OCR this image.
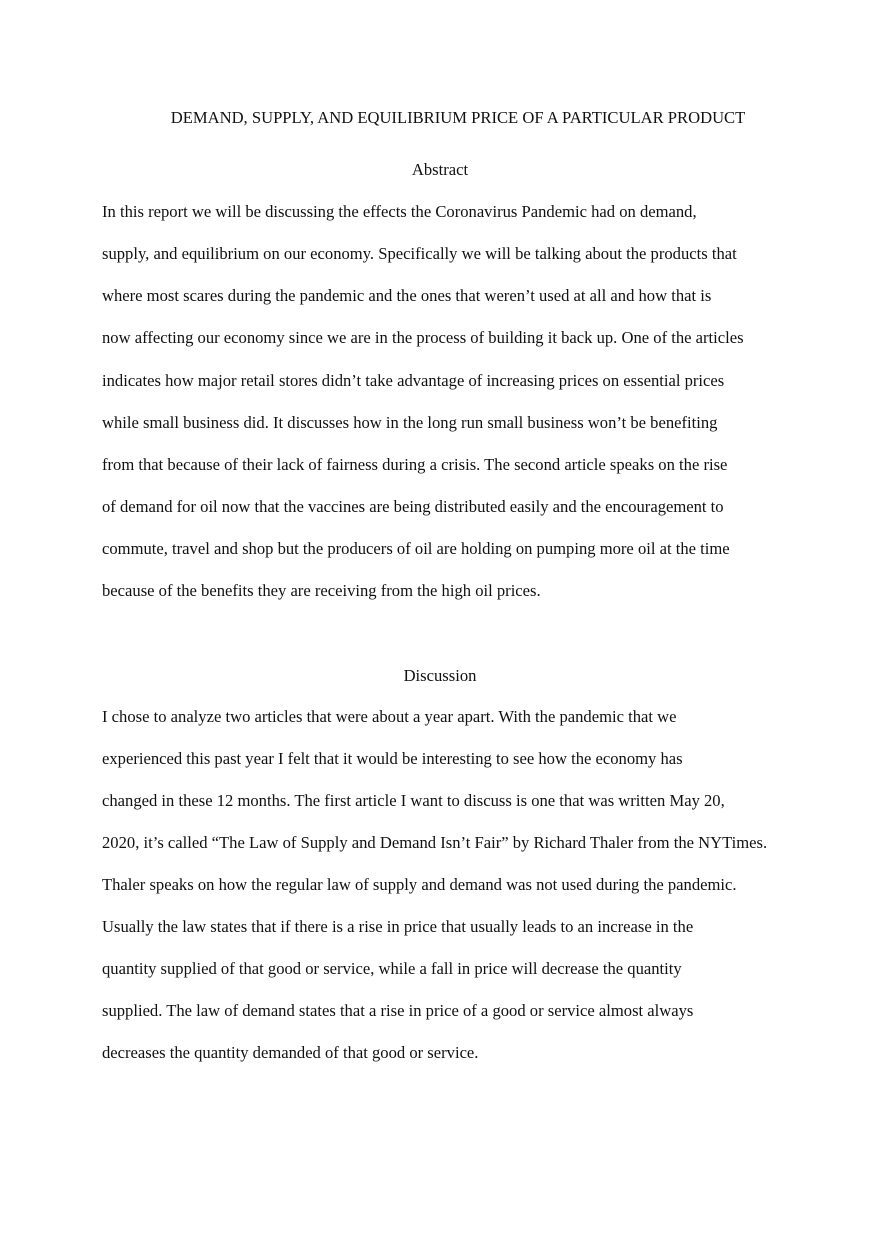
DEMAND, SUPPLY, AND EQUILIBRIUM PRICE OF A PARTICULAR PRODUCT
Abstract
In this report we will be discussing the effects the Coronavirus Pandemic had on demand,
supply, and equilibrium on our economy. Specifically we will be talking about the products that
where most scares during the pandemic and the ones that weren’t used at all and how that is
now affecting our economy since we are in the process of building it back up. One of the articles
indicates how major retail stores didn’t take advantage of increasing prices on essential prices
while small business did. It discusses how in the long run small business won’t be benefiting
from that because of their lack of fairness during a crisis. The second article speaks on the rise
of demand for oil now that the vaccines are being distributed easily and the encouragement to
commute, travel and shop but the producers of oil are holding on pumping more oil at the time
because of the benefits they are receiving from the high oil prices.
Discussion
I chose to analyze two articles that were about a year apart. With the pandemic that we
experienced this past year I felt that it would be interesting to see how the economy has
changed in these 12 months. The first article I want to discuss is one that was written May 20,
2020, it’s called “The Law of Supply and Demand Isn’t Fair” by Richard Thaler from the NYTimes.
Thaler speaks on how the regular law of supply and demand was not used during the pandemic.
Usually the law states that if there is a rise in price that usually leads to an increase in the
quantity supplied of that good or service, while a fall in price will decrease the quantity
supplied. The law of demand states that a rise in price of a good or service almost always
decreases the quantity demanded of that good or service.
